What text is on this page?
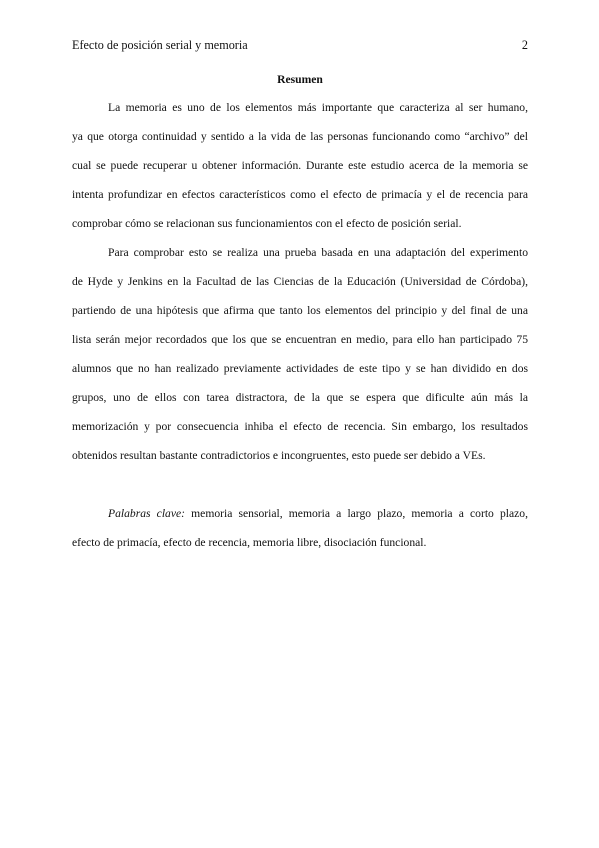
Efecto de posición serial y memoria	2
Resumen

La memoria es uno de los elementos más importante que caracteriza al ser humano,
ya que otorga continuidad y sentido a la vida de las personas funcionando como “archivo” del
cual se puede recuperar u obtener información. Durante este estudio acerca de la memoria se
intenta profundizar en efectos característicos como el efecto de primacía y el de recencia para
comprobar cómo se relacionan sus funcionamientos con el efecto de posición serial.

Para comprobar esto se realiza una prueba basada en una adaptación del experimento
de Hyde y Jenkins en la Facultad de las Ciencias de la Educación (Universidad de Córdoba),
partiendo de una hipótesis que afirma que tanto los elementos del principio y del final de una
lista serán mejor recordados que los que se encuentran en medio, para ello han participado 75
alumnos que no han realizado previamente actividades de este tipo y se han dividido en dos
grupos, uno de ellos con tarea distractora, de la que se espera que dificulte aún más la
memorización y por consecuencia inhiba el efecto de recencia. Sin embargo, los resultados
obtenidos resultan bastante contradictorios e incongruentes, esto puede ser debido a VEs.

Palabras clave: memoria sensorial, memoria a largo plazo, memoria a corto plazo,
efecto de primacía, efecto de recencia, memoria libre, disociación funcional.
